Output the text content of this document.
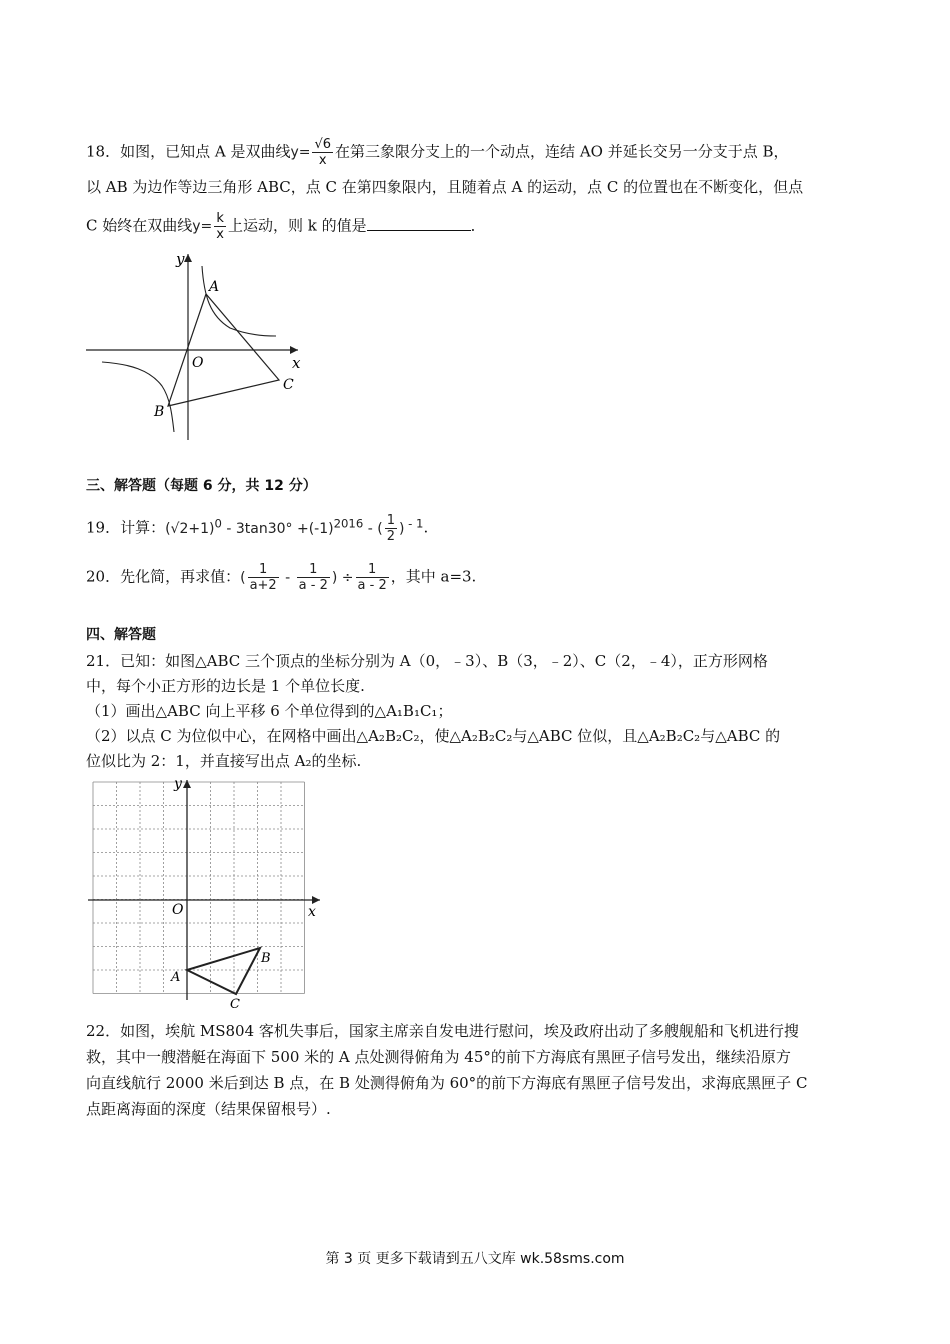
18．如图，已知点 A 是双曲线$y= \frac{√6}{x}$ 在第三象限分支上的一个动点，连结 AO 并延长交另一分支于点 B，
以 AB 为边作等边三角形 ABC，点 C 在第四象限内，且随着点 A 的运动，点 C 的位置也在不断变化，但点
C 始终在双曲线$y= \frac{k}{x}$ 上运动，则 k 的值是	．
y
x
O
A
B
C
三、解答题（每题 6 分，共 12 分）
19．计算：$(√2+1)^0 - 3\tan 30^\circ +(-1)^{2016}$ - ( $\frac{1}{2}$ ) $^{- 1}$.
20．先化简，再求值：( $\frac{1}{a+2} - \frac{1}{a - 2}$ ) ÷ $\frac{1}{a - 2}$ ，其中 a=3.
四、解答题
21．已知：如图△ABC 三个顶点的坐标分别为 A（0，﹣3）、B（3，﹣2）、C（2，﹣4），正方形网格
中，每个小正方形的边长是 1 个单位长度.
（1）画出△ABC 向上平移 6 个单位得到的△A₁B₁C₁；
（2）以点 C 为位似中心，在网格中画出△A₂B₂C₂，使△A₂B₂C₂与△ABC 位似，且△A₂B₂C₂与△ABC 的
位似比为 2：1，并直接写出点 A₂的坐标.
y
x
O
A
B
C
22．如图，埃航 MS804 客机失事后，国家主席亲自发电进行慰问，埃及政府出动了多艘舰船和飞机进行搜
救，其中一艘潜艇在海面下 500 米的 A 点处测得俯角为 45°的前下方海底有黑匣子信号发出，继续沿原方
向直线航行 2000 米后到达 B 点，在 B 处测得俯角为 60°的前下方海底有黑匣子信号发出，求海底黑匣子 C
点距离海面的深度（结果保留根号）.
第 3 页 更多下载请到五八文库 wk.58sms.com
